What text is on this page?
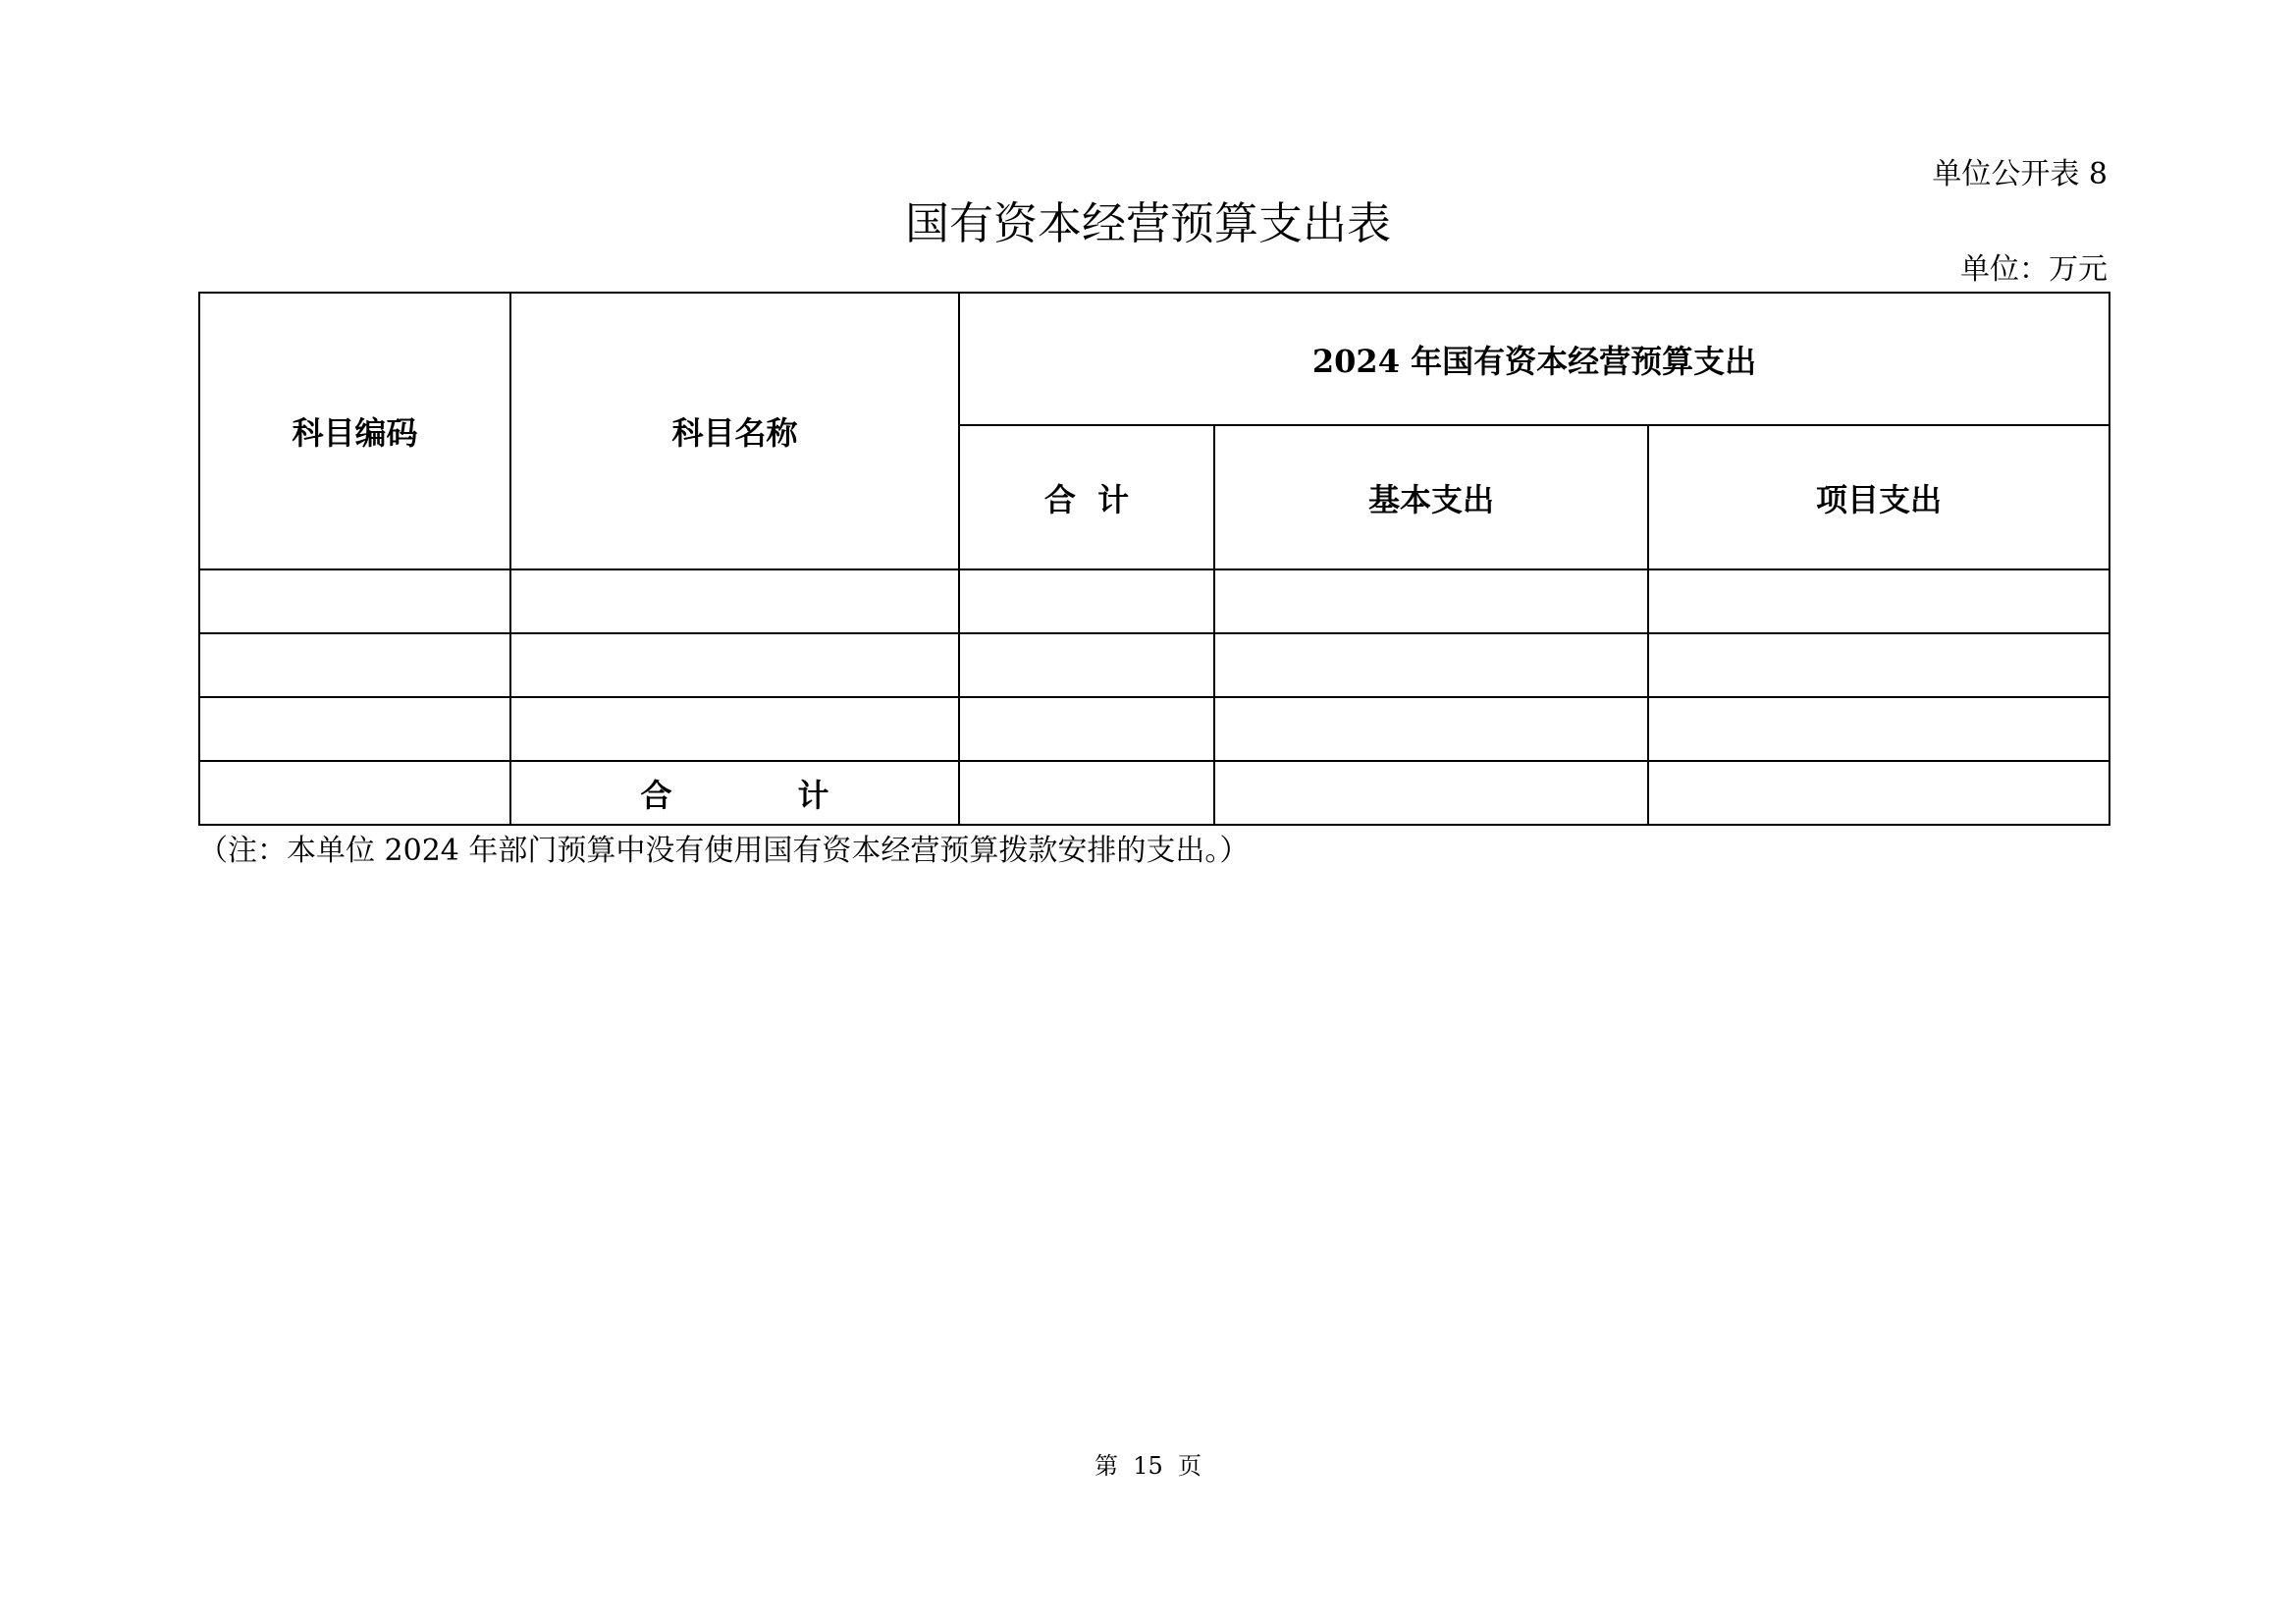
单位公开表 8
国有资本经营预算支出表
单位：万元
科目编码	科目名称	2024 年国有资本经营预算支出		
		合  计	基本支出	项目支出

	合　　　　计			
（注：本单位 2024 年部门预算中没有使用国有资本经营预算拨款安排的支出。）
第  15  页
